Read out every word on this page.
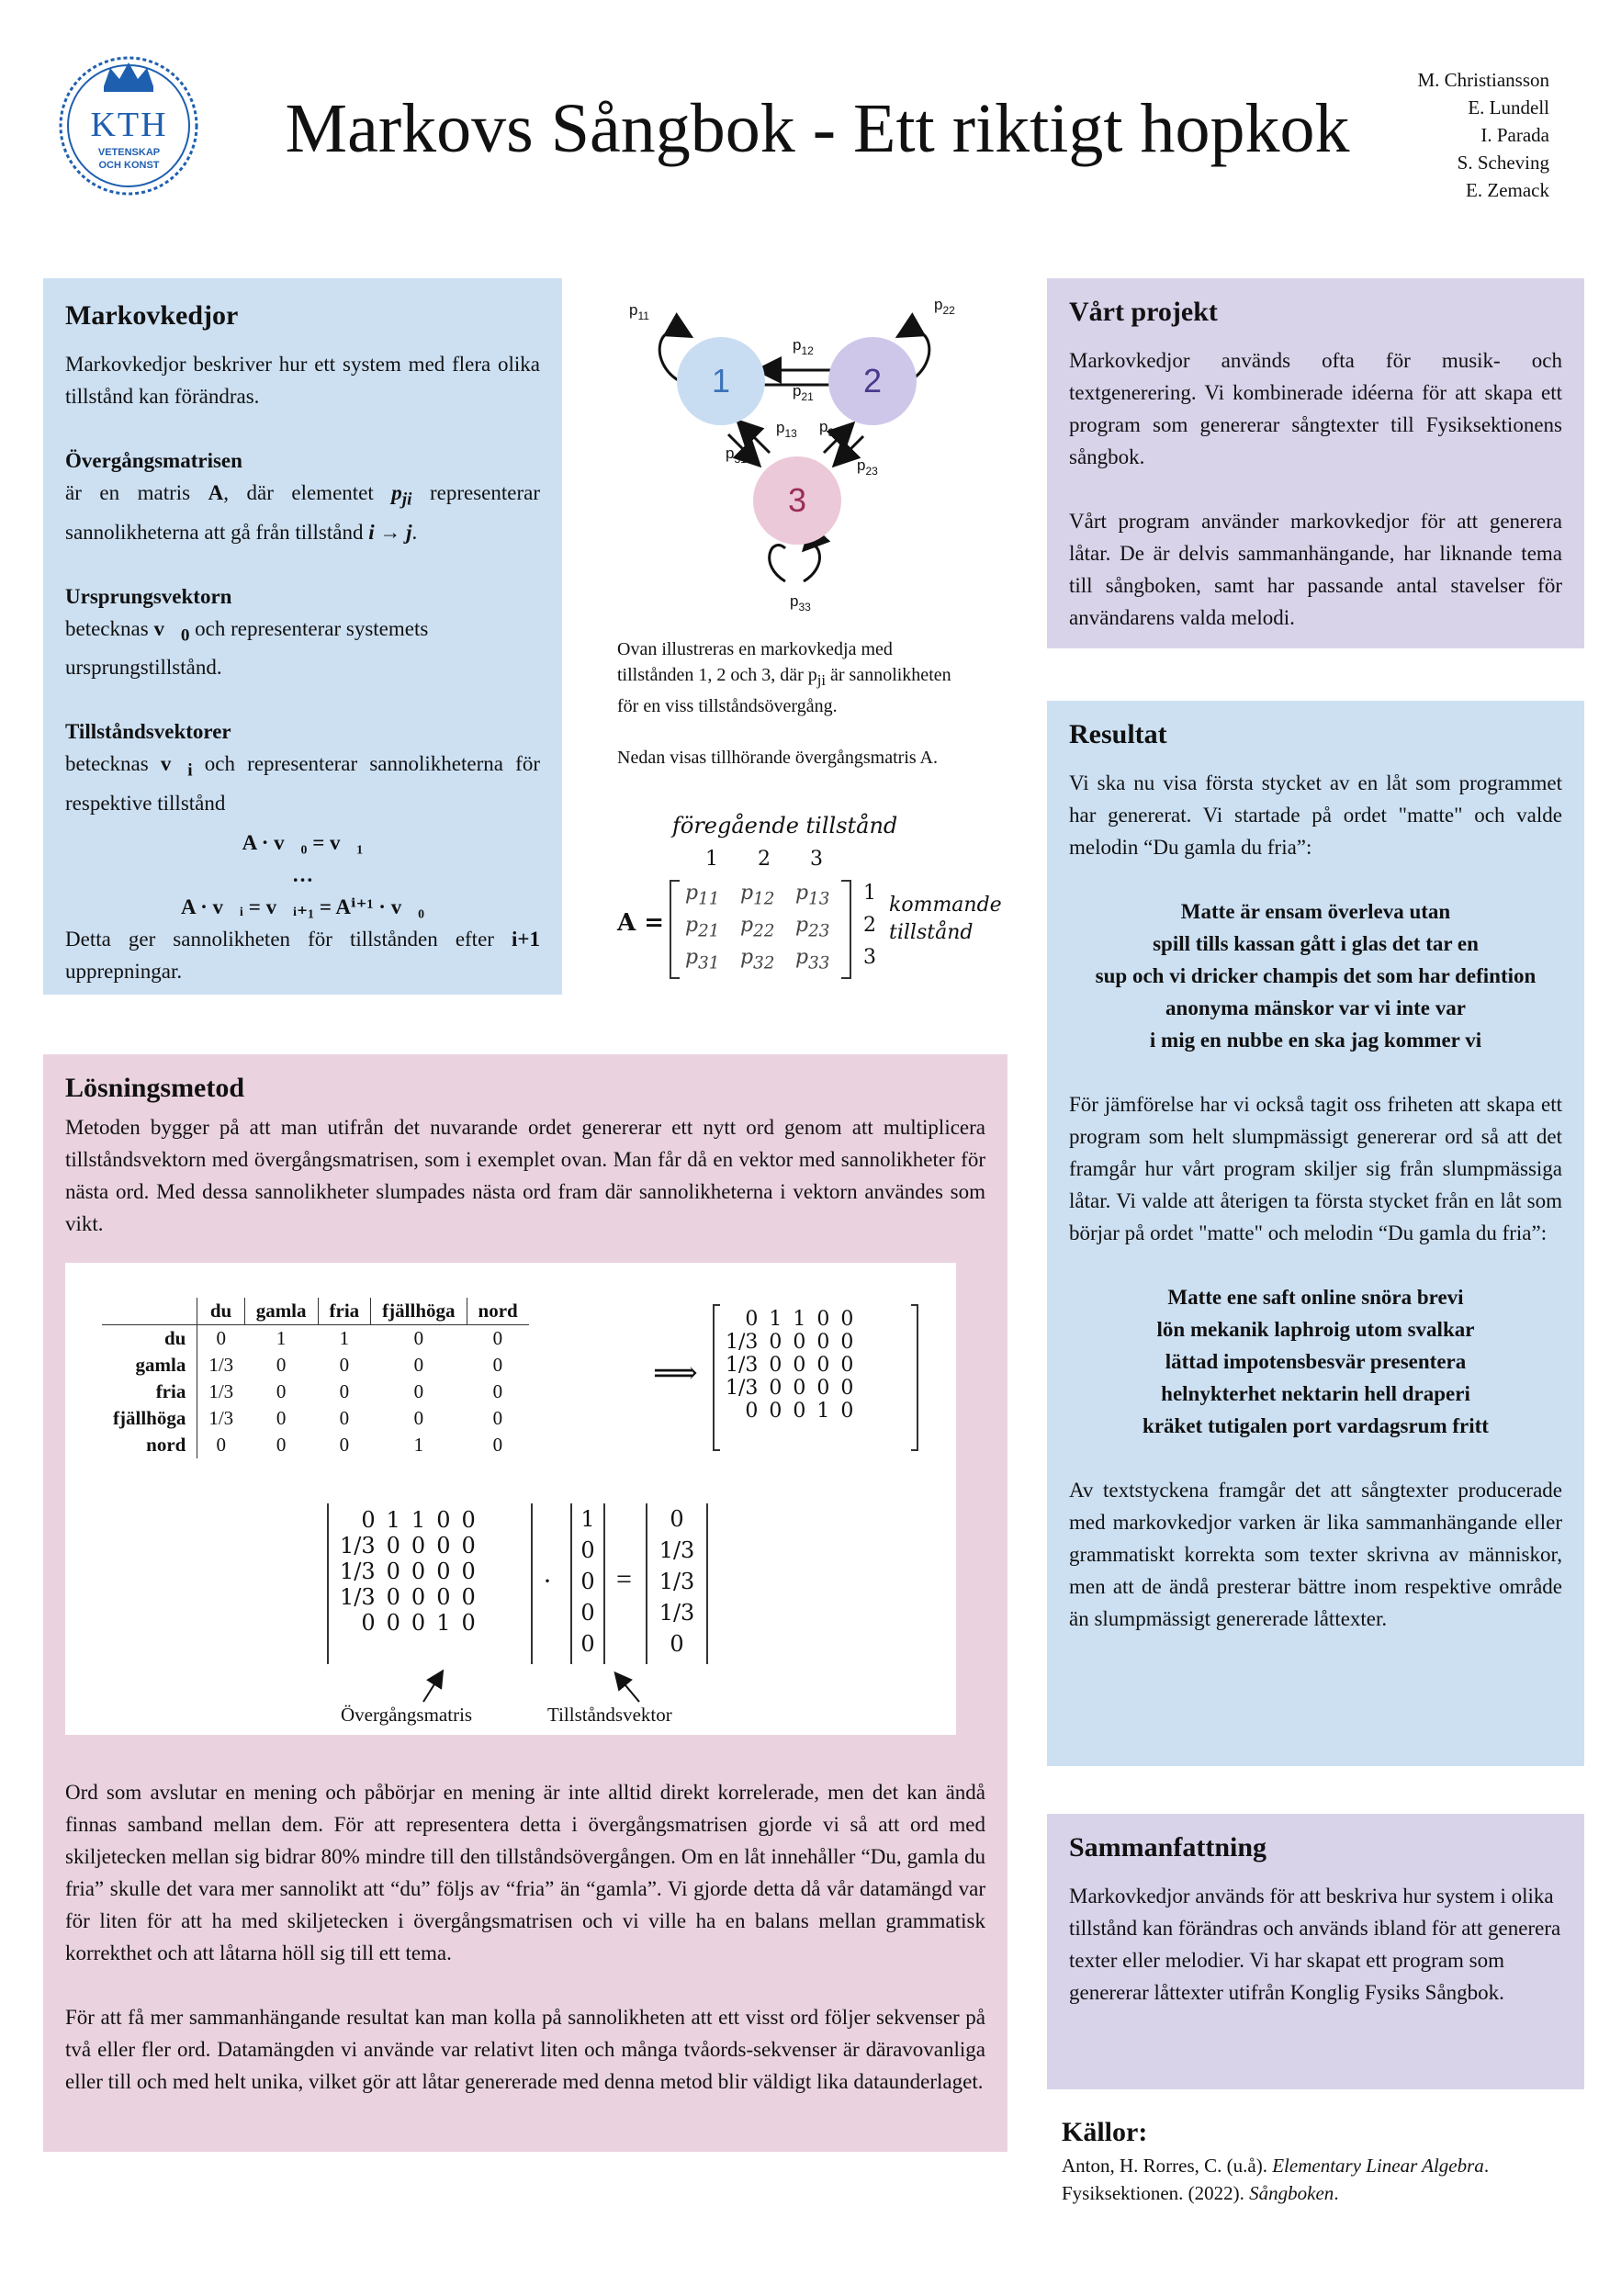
KTH
VETENSKAP
OCH KONST	Markovs Sångbok - Ett riktigt hopkok
M. Christiansson
E. Lundell
I. Parada
S. Scheving
E. Zemack
Markovkedjor

Markovkedjor beskriver hur ett system med flera olika tillstånd kan förändras.

Övergångsmatrisen

är en matris A, där elementet $p_{ji}$ representerar sannolikheterna att gå från tillstånd i → j.

Ursprungsvektorn

betecknas $v⃗_0$ och representerar systemets ursprungstillstånd.

Tillståndsvektorer

betecknas $v⃗_i$ och representerar sannolikheterna för respektive tillstånd

A · v⃗₀ = v⃗₁

…

A · v⃗ᵢ = v⃗ᵢ₊₁ = Aⁱ⁺¹ · v⃗₀

Detta ger sannolikheten för tillstånden efter i+1 upprepningar.

1	2
3
$p_{11}$
$p_{22}$
$p_{12}$
$p_{21}$
$p_{13}$
$p_{31}$
$p_{32}$
$p_{23}$
$p_{33}$
Ovan illustreras en markovkedja med tillstånden 1, 2 och 3, där $p_{ji}$ är sannolikheten för en viss tillståndsövergång.
Nedan visas tillhörande övergångsmatris A.
föregående tillstånd
1 2 3
A =
$p_{11}$ $p_{12}$ $p_{13}$
$p_{21}$ $p_{22}$ $p_{23}$
$p_{31}$ $p_{32}$ $p_{33}$
1
2
3
kommande
tillstånd
Vårt projekt

Markovkedjor används ofta för musik- och textgenerering. Vi kombinerade idéerna för att skapa ett program som genererar sångtexter till Fysiksektionens sångbok.

Vårt program använder markovkedjor för att generera låtar. De är delvis sammanhängande, har liknande tema till sångboken, samt har passande antal stavelser för användarens valda melodi.

Resultat

Vi ska nu visa första stycket av en låt som programmet har genererat. Vi startade på ordet "matte" och valde melodin “Du gamla du fria”:

Matte är ensam överleva utan
spill tills kassan gått i glas det tar en
sup och vi dricker champis det som har defintion
anonyma mänskor var vi inte var
i mig en nubbe en ska jag kommer vi

För jämförelse har vi också tagit oss friheten att skapa ett program som helt slumpmässigt genererar ord så att det framgår hur vårt program skiljer sig från slumpmässiga låtar. Vi valde att återigen ta första stycket från en låt som börjar på ordet "matte" och melodin “Du gamla du fria”:

Matte ene saft online snöra brevi
lön mekanik laphroig utom svalkar
lättad impotensbesvär presentera
helnykterhet nektarin hell draperi
kräket tutigalen port vardagsrum fritt

Av textstyckena framgår det att sångtexter producerade med markovkedjor varken är lika sammanhängande eller grammatiskt korrekta som texter skrivna av människor, men att de ändå presterar bättre inom respektive område än slumpmässigt genererade låttexter.

Lösningsmetod

Metoden bygger på att man utifrån det nuvarande ordet genererar ett nytt ord genom att multiplicera tillståndsvektorn med övergångsmatrisen, som i exemplet ovan. Man får då en vektor med sannolikheter för nästa ord. Med dessa sannolikheter slumpades nästa ord fram där sannolikheterna i vektorn användes som vikt.

	du	gamla	fria	fjällhöga	nord
du	0	1	1	0	0
gamla	1/3	0	0	0	0
fria	1/3	0	0	0	0
fjällhöga	1/3	0	0	0	0
nord	0	0	0	1	0
⟹
0	1	1	0	0
1/3	0	0	0	0
1/3	0	0	0	0
1/3	0	0	0	0
0	0	0	1	0
0	1	1	0	0
1/3	0	0	0	0
1/3	0	0	0	0
1/3	0	0	0	0
0	0	0	1	0
·
1
0
0
0
0
=
0
1/3
1/3
1/3
0
Övergångsmatris	Tillståndsvektor

Ord som avslutar en mening och påbörjar en mening är inte alltid direkt korrelerade, men det kan ändå finnas samband mellan dem. För att representera detta i övergångsmatrisen gjorde vi så att ord med skiljetecken mellan sig bidrar 80% mindre till den tillståndsövergången. Om en låt innehåller “Du, gamla du fria” skulle det vara mer sannolikt att “du” följs av “fria” än “gamla”. Vi gjorde detta då vår datamängd var för liten för att ha med skiljetecken i övergångsmatrisen och vi ville ha en balans mellan grammatisk korrekthet och att låtarna höll sig till ett tema.

För att få mer sammanhängande resultat kan man kolla på sannolikheten att ett visst ord följer sekvenser på två eller fler ord. Datamängden vi använde var relativt liten och många tvåords-sekvenser är däravovanliga eller till och med helt unika, vilket gör att låtar genererade med denna metod blir väldigt lika dataunderlaget.

Sammanfattning

Markovkedjor används för att beskriva hur system i olika tillstånd kan förändras och används ibland för att generera texter eller melodier. Vi har skapat ett program som genererar låttexter utifrån Konglig Fysiks Sångbok.

Källor:
Anton, H. Rorres, C. (u.å). Elementary Linear Algebra.
Fysiksektionen. (2022). Sångboken.
